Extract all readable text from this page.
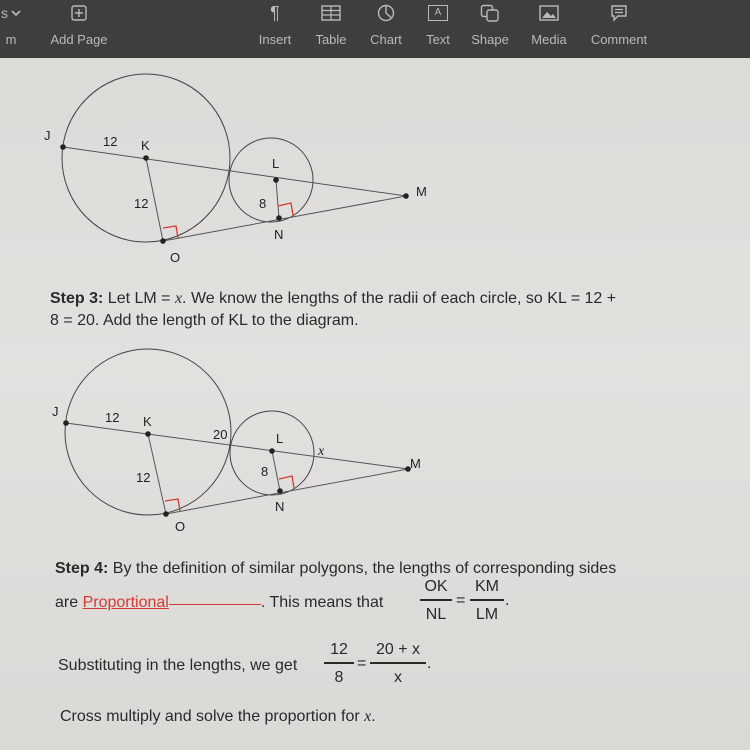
s
m	Add Page
¶
Insert	Table	Chart
A
Text	Shape	Media	Comment
J	12 K
12
L
8
M
N
O
Step 3: Let LM = x. We know the lengths of the radii of each circle, so KL = 12 +
8 = 20. Add the length of KL to the diagram.
J	12 K
20
12
L
x
8
M
N
O
Step 4: By the definition of similar polygons, the lengths of corresponding sides
are Proportional	. This means that
OK
NL
=
KM
LM
.
Substituting in the lengths, we get
12
8
=
20 + x
x
.
Cross multiply and solve the proportion for x.
